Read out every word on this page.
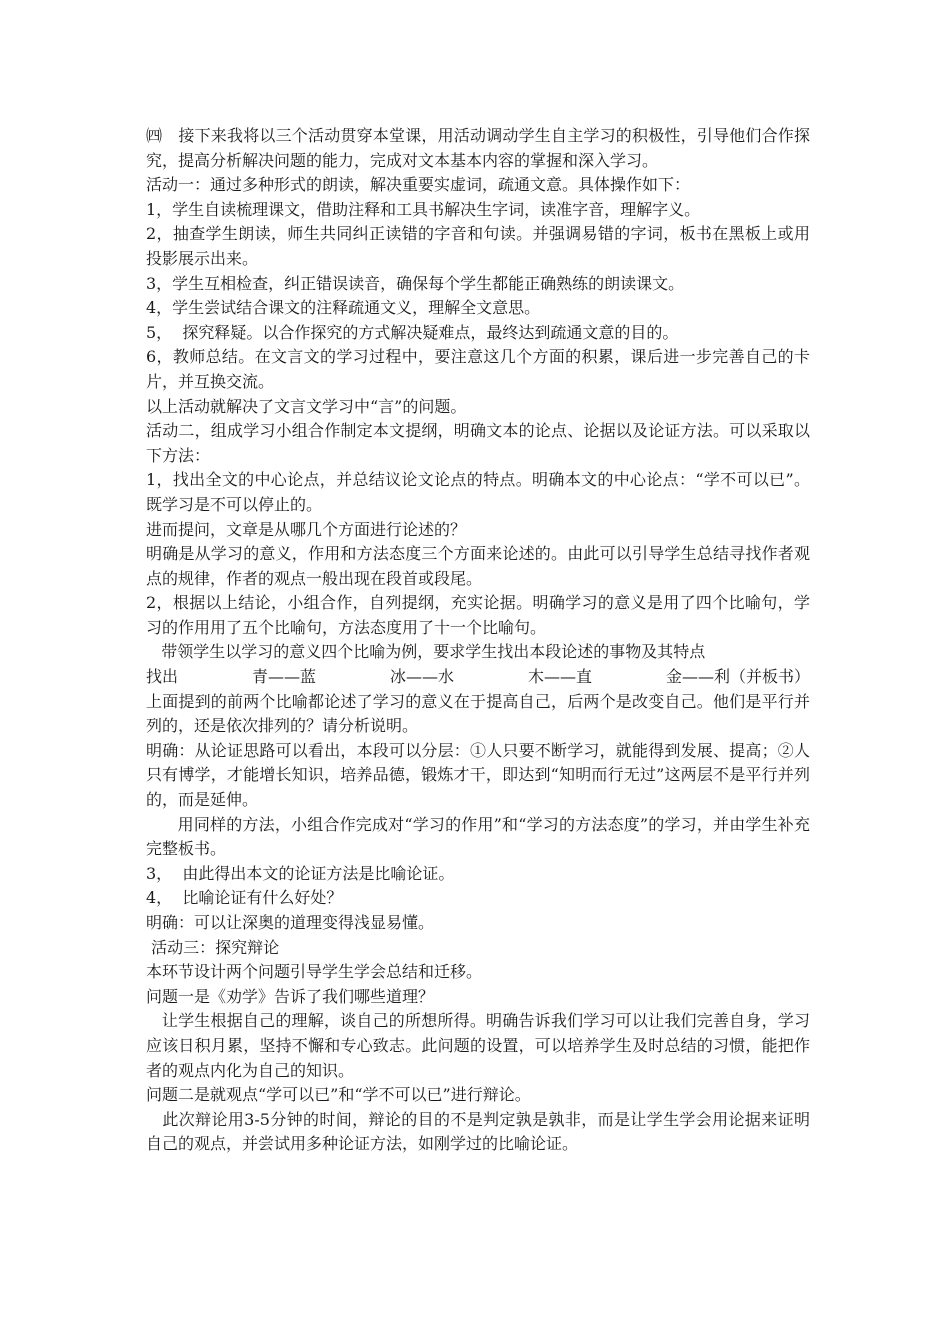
㈣　接下来我将以三个活动贯穿本堂课，用活动调动学生自主学习的积极性，引导他们合作探究，提高分析解决问题的能力，完成对文本基本内容的掌握和深入学习。

活动一：通过多种形式的朗读，解决重要实虚词，疏通文意。具体操作如下：

1，学生自读梳理课文，借助注释和工具书解决生字词，读准字音，理解字义。

2，抽查学生朗读，师生共同纠正读错的字音和句读。并强调易错的字词，板书在黑板上或用投影展示出来。

3，学生互相检查，纠正错误读音，确保每个学生都能正确熟练的朗读课文。

4，学生尝试结合课文的注释疏通文义，理解全文意思。

5，  探究释疑。以合作探究的方式解决疑难点，最终达到疏通文意的目的。

6，教师总结。在文言文的学习过程中，要注意这几个方面的积累，课后进一步完善自己的卡片，并互换交流。

以上活动就解决了文言文学习中“言”的问题。

活动二，组成学习小组合作制定本文提纲，明确文本的论点、论据以及论证方法。可以采取以下方法：

1，找出全文的中心论点，并总结议论文论点的特点。明确本文的中心论点：“学不可以已”。既学习是不可以停止的。

进而提问，文章是从哪几个方面进行论述的？

明确是从学习的意义，作用和方法态度三个方面来论述的。由此可以引导学生总结寻找作者观点的规律，作者的观点一般出现在段首或段尾。

2，根据以上结论，小组合作，自列提纲，充实论据。明确学习的意义是用了四个比喻句，学习的作用用了五个比喻句，方法态度用了十一个比喻句。

带领学生以学习的意义四个比喻为例，要求学生找出本段论述的事物及其特点

找出	青——蓝	冰——水	木——直	金——利（并板书）

上面提到的前两个比喻都论述了学习的意义在于提高自己，后两个是改变自己。他们是平行并列的，还是依次排列的？请分析说明。

明确：从论证思路可以看出，本段可以分层：①人只要不断学习，就能得到发展、提高；②人只有博学，才能增长知识，培养品德，锻炼才干，即达到“知明而行无过”这两层不是平行并列的，而是延伸。

用同样的方法，小组合作完成对“学习的作用”和“学习的方法态度”的学习，并由学生补充完整板书。

3，  由此得出本文的论证方法是比喻论证。

4，  比喻论证有什么好处？

明确：可以让深奥的道理变得浅显易懂。

活动三：探究辩论

本环节设计两个问题引导学生学会总结和迁移。

问题一是《劝学》告诉了我们哪些道理？

让学生根据自己的理解，谈自己的所想所得。明确告诉我们学习可以让我们完善自身，学习应该日积月累，坚持不懈和专心致志。此问题的设置，可以培养学生及时总结的习惯，能把作者的观点内化为自己的知识。

问题二是就观点“学可以已”和“学不可以已”进行辩论。

此次辩论用3-5分钟的时间，辩论的目的不是判定孰是孰非，而是让学生学会用论据来证明自己的观点，并尝试用多种论证方法，如刚学过的比喻论证。
